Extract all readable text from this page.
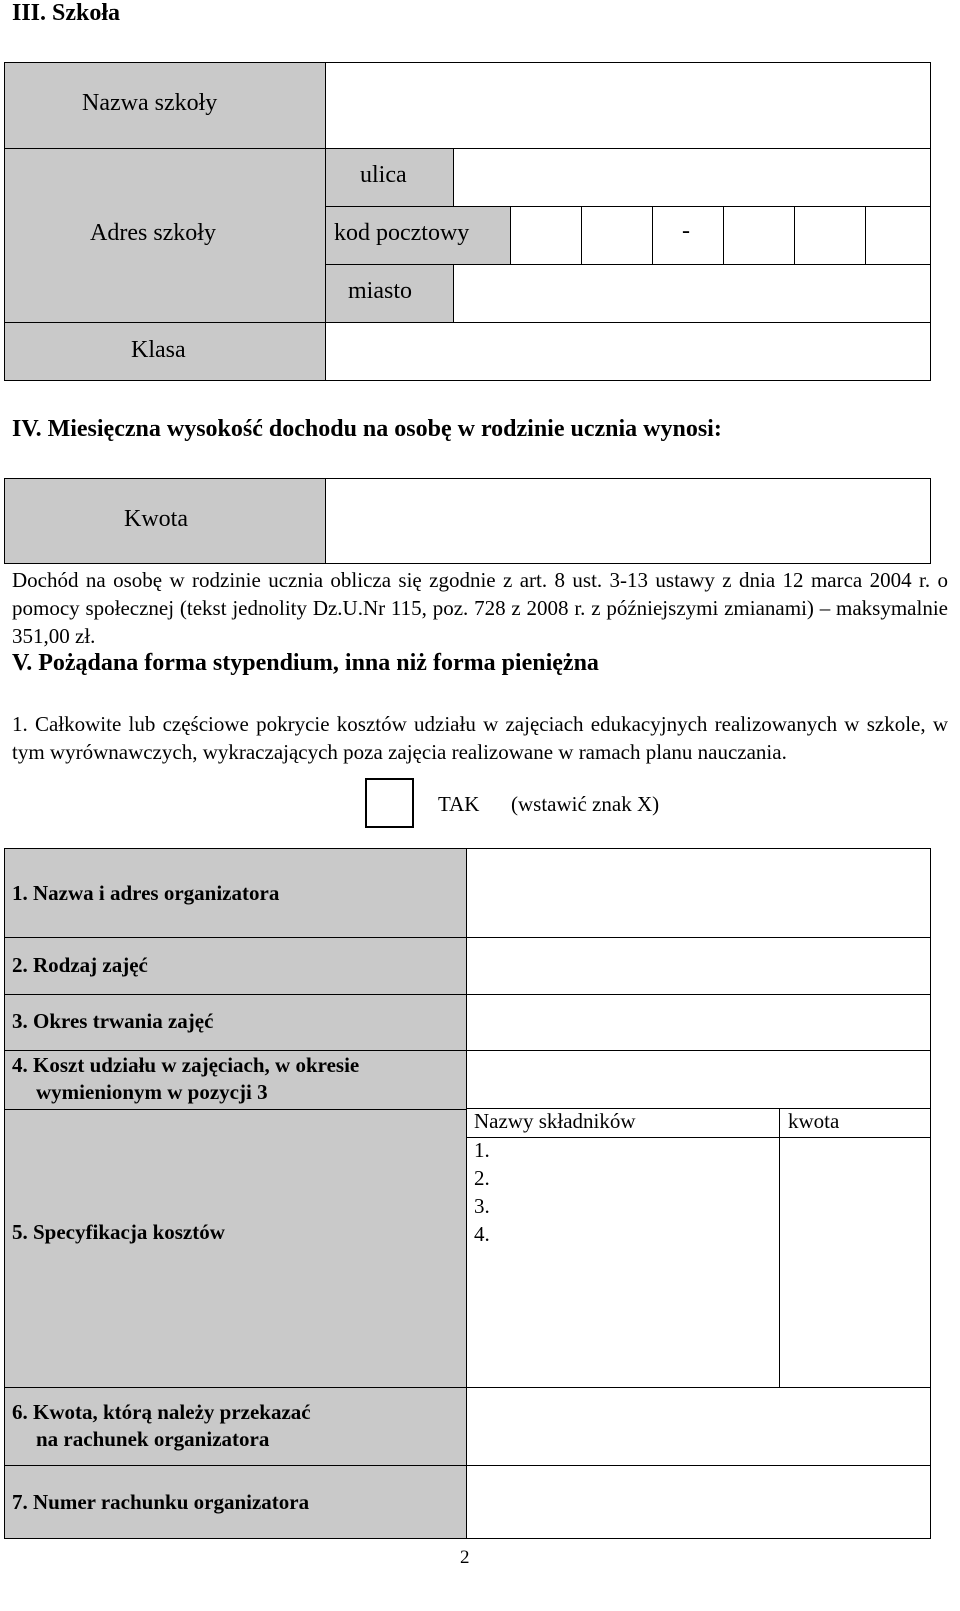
III. Szkoła
Nazwa szkoły
Adres szkoły
Klasa
ulica
kod pocztowy	-
miasto
IV. Miesięczna wysokość dochodu na osobę w rodzinie ucznia wynosi:
Kwota
Dochód na osobę w rodzinie ucznia oblicza się zgodnie z art. 8 ust. 3-13 ustawy z dnia 12 marca 2004 r. o pomocy społecznej (tekst jednolity Dz.U.Nr 115, poz. 728 z 2008 r. z późniejszymi zmianami) – maksymalnie 351,00 zł.
V. Pożądana forma stypendium, inna niż forma pieniężna
1. Całkowite lub częściowe pokrycie kosztów udziału w zajęciach edukacyjnych realizowanych w szkole, w tym wyrównawczych, wykraczających poza zajęcia realizowane w ramach planu nauczania.
TAK (wstawić znak X)
1. Nazwa i adres organizatora
2. Rodzaj zajęć
3. Okres trwania zajęć
4. Koszt udziału w zajęciach, w okresie
wymienionym w pozycji 3
5. Specyfikacja kosztów
6. Kwota, którą należy przekazać
na rachunek organizatora
7. Numer rachunku organizatora
Nazwy składników	kwota
1.
2.
3.
4.
2
